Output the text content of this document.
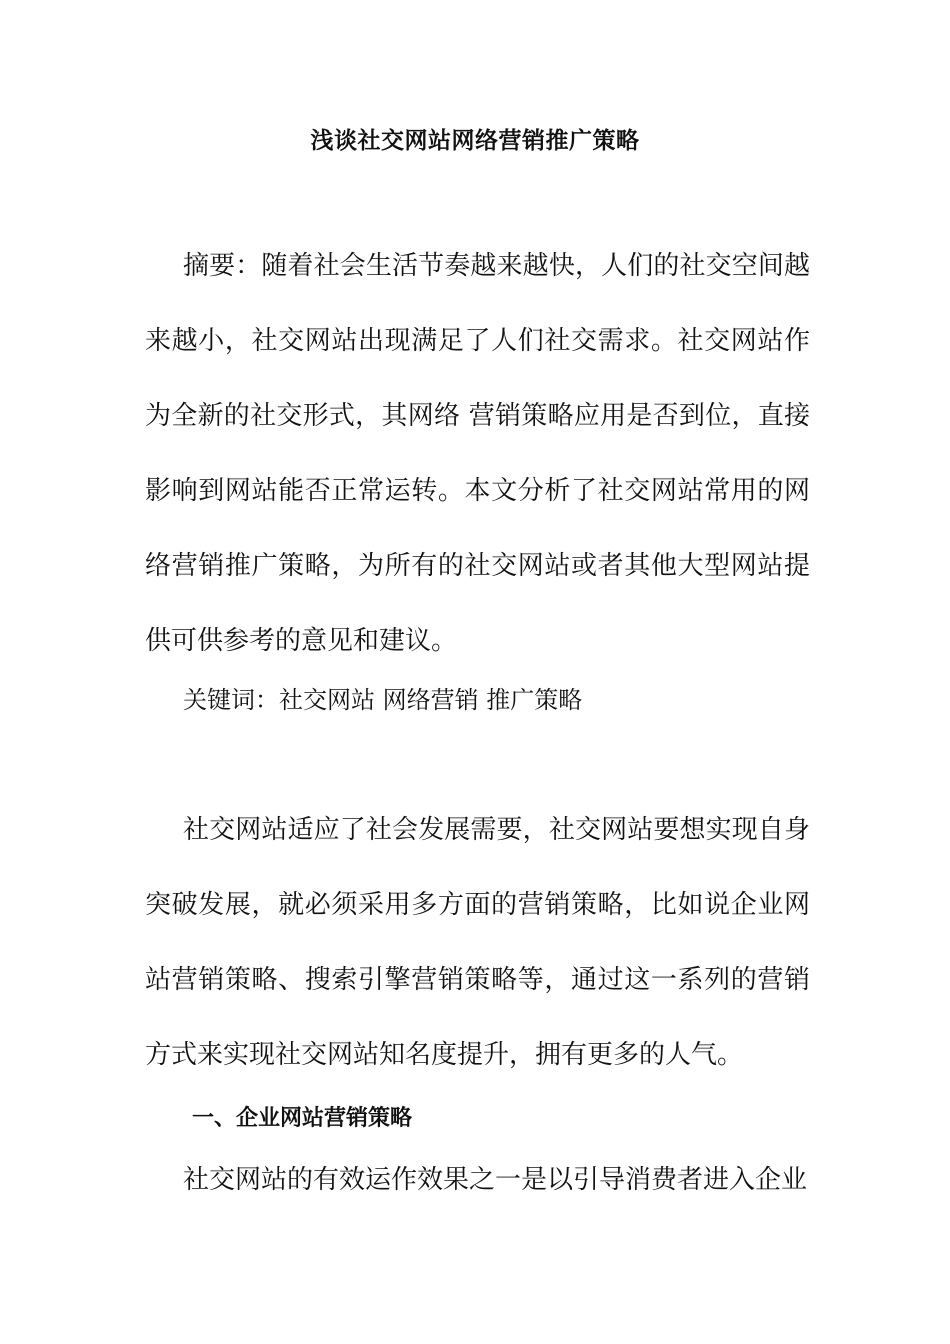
浅谈社交网站网络营销推广策略

摘要：随着社会生活节奏越来越快，人们的社交空间越来越小，社交网站出现满足了人们社交需求。社交网站作为全新的社交形式，其网络 营销策略应用是否到位，直接影响到网站能否正常运转。本文分析了社交网站常用的网络营销推广策略，为所有的社交网站或者其他大型网站提供可供参考的意见和建议。

关键词：社交网站 网络营销 推广策略

社交网站适应了社会发展需要，社交网站要想实现自身突破发展，就必须采用多方面的营销策略，比如说企业网站营销策略、搜索引擎营销策略等，通过这一系列的营销方式来实现社交网站知名度提升，拥有更多的人气。

一、企业网站营销策略

社交网站的有效运作效果之一是以引导消费者进入企业
